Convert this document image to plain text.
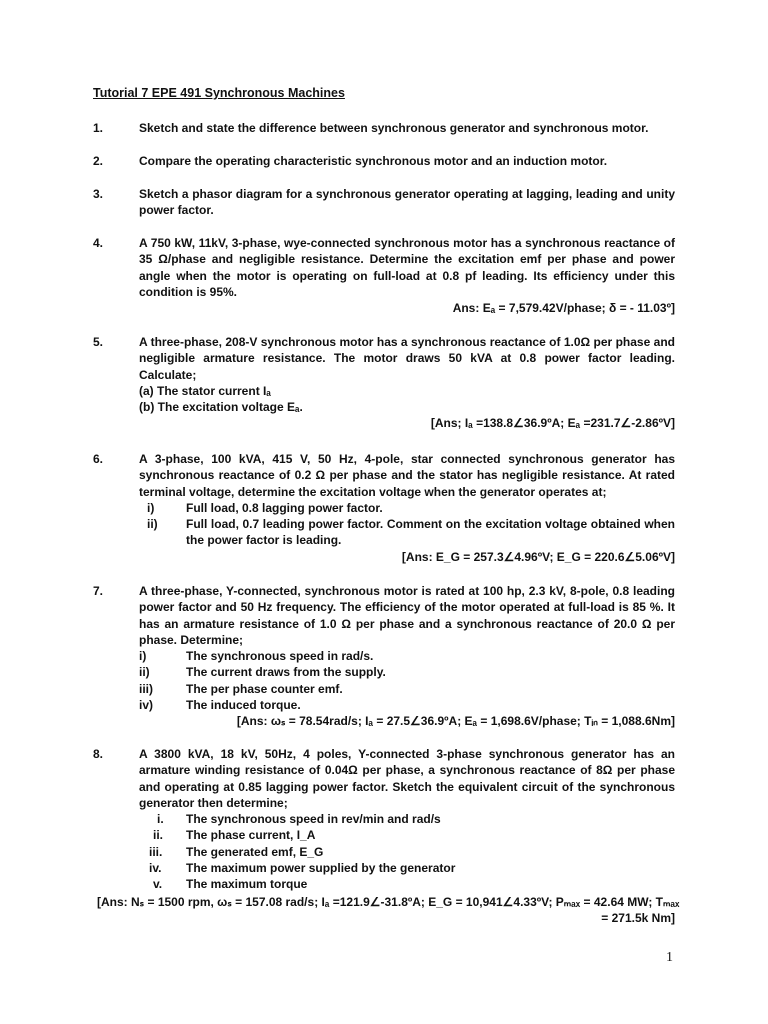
Tutorial 7 EPE 491 Synchronous Machines
1.	Sketch and state the difference between synchronous generator and synchronous motor.
2.	Compare the operating characteristic synchronous motor and an induction motor.
3.	Sketch a phasor diagram for a synchronous generator operating at lagging, leading and unity power factor.
4.	A 750 kW, 11kV, 3-phase, wye-connected synchronous motor has a synchronous reactance of 35 Ω/phase and negligible resistance. Determine the excitation emf per phase and power angle when the motor is operating on full-load at 0.8 pf leading. Its efficiency under this condition is 95%.
Ans: Eₐ = 7,579.42V/phase; δ = - 11.03º]
5.	A three-phase, 208-V synchronous motor has a synchronous reactance of 1.0Ω per phase and negligible armature resistance. The motor draws 50 kVA at 0.8 power factor leading. Calculate;
(a) The stator current Iₐ
(b) The excitation voltage Eₐ.
[Ans; Iₐ =138.8∠36.9ºA; Eₐ =231.7∠-2.86ºV]
6.	A 3-phase, 100 kVA, 415 V, 50 Hz, 4-pole, star connected synchronous generator has synchronous reactance of 0.2 Ω per phase and the stator has negligible resistance. At rated terminal voltage, determine the excitation voltage when the generator operates at;
i)	Full load, 0.8 lagging power factor.
ii) Full load, 0.7 leading power factor. Comment on the excitation voltage obtained when the power factor is leading.
[Ans: E_G = 257.3∠4.96ºV; E_G = 220.6∠5.06ºV]
7.	A three-phase, Y-connected, synchronous motor is rated at 100 hp, 2.3 kV, 8-pole, 0.8 leading power factor and 50 Hz frequency. The efficiency of the motor operated at full-load is 85 %. It has an armature resistance of 1.0 Ω per phase and a synchronous reactance of 20.0 Ω per phase. Determine;
i)	The synchronous speed in rad/s.
ii)	The current draws from the supply.
iii)	The per phase counter emf.
iv)	The induced torque.
[Ans: ωₛ = 78.54rad/s; Iₐ = 27.5∠36.9ºA; Eₐ = 1,698.6V/phase; Tᵢₙ = 1,088.6Nm]
8.	A 3800 kVA, 18 kV, 50Hz, 4 poles, Y-connected 3-phase synchronous generator has an armature winding resistance of 0.04Ω per phase, a synchronous reactance of 8Ω per phase and operating at 0.85 lagging power factor. Sketch the equivalent circuit of the synchronous generator then determine;
i. The synchronous speed in rev/min and rad/s
ii. The phase current, I_A
iii. The generated emf, E_G
iv. The maximum power supplied by the generator
v. The maximum torque
[Ans: Nₛ = 1500 rpm, ωₛ = 157.08 rad/s; Iₐ =121.9∠-31.8ºA; E_G = 10,941∠4.33ºV; Pₘₐₓ = 42.64 MW; Tₘₐₓ
= 271.5k Nm]
1
